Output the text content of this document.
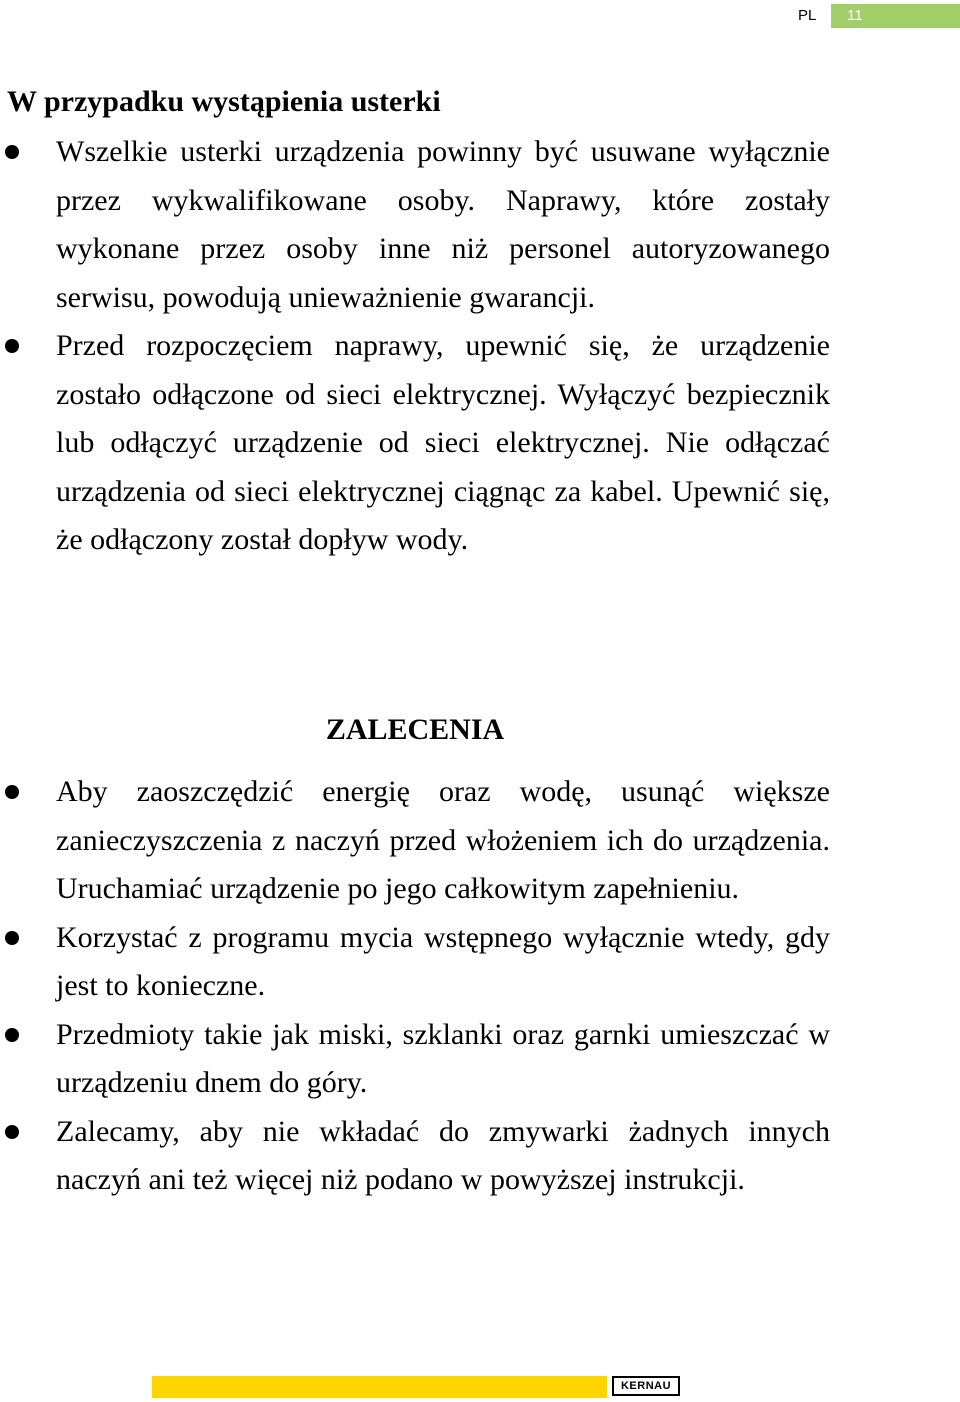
PL 11
W przypadku wystąpienia usterki
Wszelkie usterki urządzenia powinny być usuwane wyłącznie przez wykwalifikowane osoby. Naprawy, które zostały wykonane przez osoby inne niż personel autoryzowanego serwisu, powodują unieważnienie gwarancji.
Przed rozpoczęciem naprawy, upewnić się, że urządzenie zostało odłączone od sieci elektrycznej. Wyłączyć bezpiecznik lub odłączyć urządzenie od sieci elektrycznej. Nie odłączać urządzenia od sieci elektrycznej ciągnąc za kabel. Upewnić się, że odłączony został dopływ wody.
ZALECENIA
Aby zaoszczędzić energię oraz wodę, usunąć większe zanieczyszczenia z naczyń przed włożeniem ich do urządzenia. Uruchamiać urządzenie po jego całkowitym zapełnieniu.
Korzystać z programu mycia wstępnego wyłącznie wtedy, gdy jest to konieczne.
Przedmioty takie jak miski, szklanki oraz garnki umieszczać w urządzeniu dnem do góry.
Zalecamy, aby nie wkładać do zmywarki żadnych innych naczyń ani też więcej niż podano w powyższej instrukcji.
KERNAU
